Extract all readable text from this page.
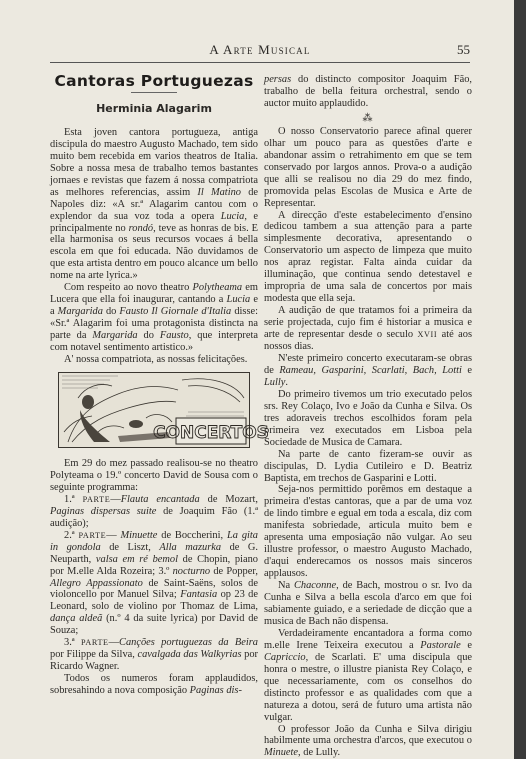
A Arte Musical	55
Cantoras Portuguezas
Herminia Alagarim

Esta joven cantora portugueza, antiga discipula do maestro Augusto Machado, tem sido muito bem recebida em varios theatros de Italia. Sobre a nossa mesa de trabalho temos bastantes jornaes e revistas que fazem á nossa compatriota as melhores referencias, assim Il Matino de Napoles diz: «A sr.ª Alagarim cantou com o explendor da sua voz toda a opera Lucia, e principalmente no rondó, teve as honras de bis. E ella harmonisa os seus recursos vocaes á bella escola em que foi educada. Não duvidamos de que esta artista dentro em pouco alcance um bello nome na arte lyrica.»

Com respeito ao novo theatro Polytheama em Lucera que ella foi inaugurar, cantando a Lucia e a Margarida do Fausto Il Giornale d'Italia disse: «Sr.ª Alagarim foi uma protagonista distincta na parte da Margarida do Fausto, que interpreta com notavel sentimento artistico.»

A' nossa compatriota, as nossas felicitações.

CONCERTOS

Em 29 do mez passado realisou-se no theatro Polyteama o 19.º concerto David de Sousa com o seguinte programma:

1.ª PARTE—Flauta encantada de Mozart, Paginas dispersas suite de Joaquim Fão (1.ª audição);

2.ª PARTE— Minuette de Boccherini, La gita in gondola de Liszt, Alla mazurka de G. Neuparth, valsa em ré bemol de Chopin, piano por M.elle Alda Rozeira; 3.º nocturno de Popper, Allegro Appassionato de Saint-Saëns, solos de violoncello por Manuel Silva; Fantasia op 23 de Leonard, solo de violino por Thomaz de Lima, dança aldeã (n.º 4 da suite lyrica) por David de Souza;

3.ª PARTE—Canções portuguezas da Beira por Filippe da Silva, cavalgada das Walkyrias por Ricardo Wagner.

Todos os numeros foram applaudidos, sobresahindo a nova composição Paginas dis-

persas do distincto compositor Joaquim Fão, trabalho de bella feitura orchestral, sendo o auctor muito applaudido.

⁂

O nosso Conservatorio parece afinal querer olhar um pouco para as questões d'arte e abandonar assim o retrahimento em que se tem conservado por largos annos. Prova-o a audição que alli se realisou no dia 29 do mez findo, promovida pelas Escolas de Musica e Arte de Representar.

A direcção d'este estabelecimento d'ensino dedicou tambem a sua attenção para a parte simplesmente decorativa, apresentando o Conservatorio um aspecto de limpeza que muito nos apraz registar. Falta ainda cuidar da illuminação, que continua sendo detestavel e impropria de uma sala de concertos por mais modesta que ella seja.

A audição de que tratamos foi a primeira da serie projectada, cujo fim é historiar a musica e arte de representar desde o seculo XVII até aos nossos dias.

N'este primeiro concerto executaram-se obras de Rameau, Gasparini, Scarlati, Bach, Lotti e Lully.

Do primeiro tivemos um trio executado pelos srs. Rey Colaço, Ivo e João da Cunha e Silva. Os tres adoraveis trechos escolhidos foram pela primeira vez executados em Lisboa pela Sociedade de Musica de Camara.

Na parte de canto fizeram-se ouvir as discipulas, D. Lydia Cutileiro e D. Beatriz Baptista, em trechos de Gasparini e Lotti.

Seja-nos permittido porêmos em destaque a primeira d'estas cantoras, que a par de uma voz de lindo timbre e egual em toda a escala, diz com manifesta sobriedade, articula muito bem e apresenta uma emposiação não vulgar. Ao seu illustre professor, o maestro Augusto Machado, d'aqui enderecamos os nossos mais sinceros applausos.

Na Chaconne, de Bach, mostrou o sr. Ivo da Cunha e Silva a bella escola d'arco em que foi sabiamente guiado, e a seriedade de dicção que a musica de Bach não dispensa.

Verdadeiramente encantadora a forma como m.elle Irene Teixeira executou a Pastorale e Capriccio, de Scarlati. E' uma discipula que honra o mestre, o illustre pianista Rey Colaço, e que necessariamente, com os conselhos do distincto professor e as qualidades com que a natureza a dotou, será de futuro uma artista não vulgar.

O professor João da Cunha e Silva dirigiu habilmente uma orchestra d'arcos, que executou o Minuete, de Lully.
